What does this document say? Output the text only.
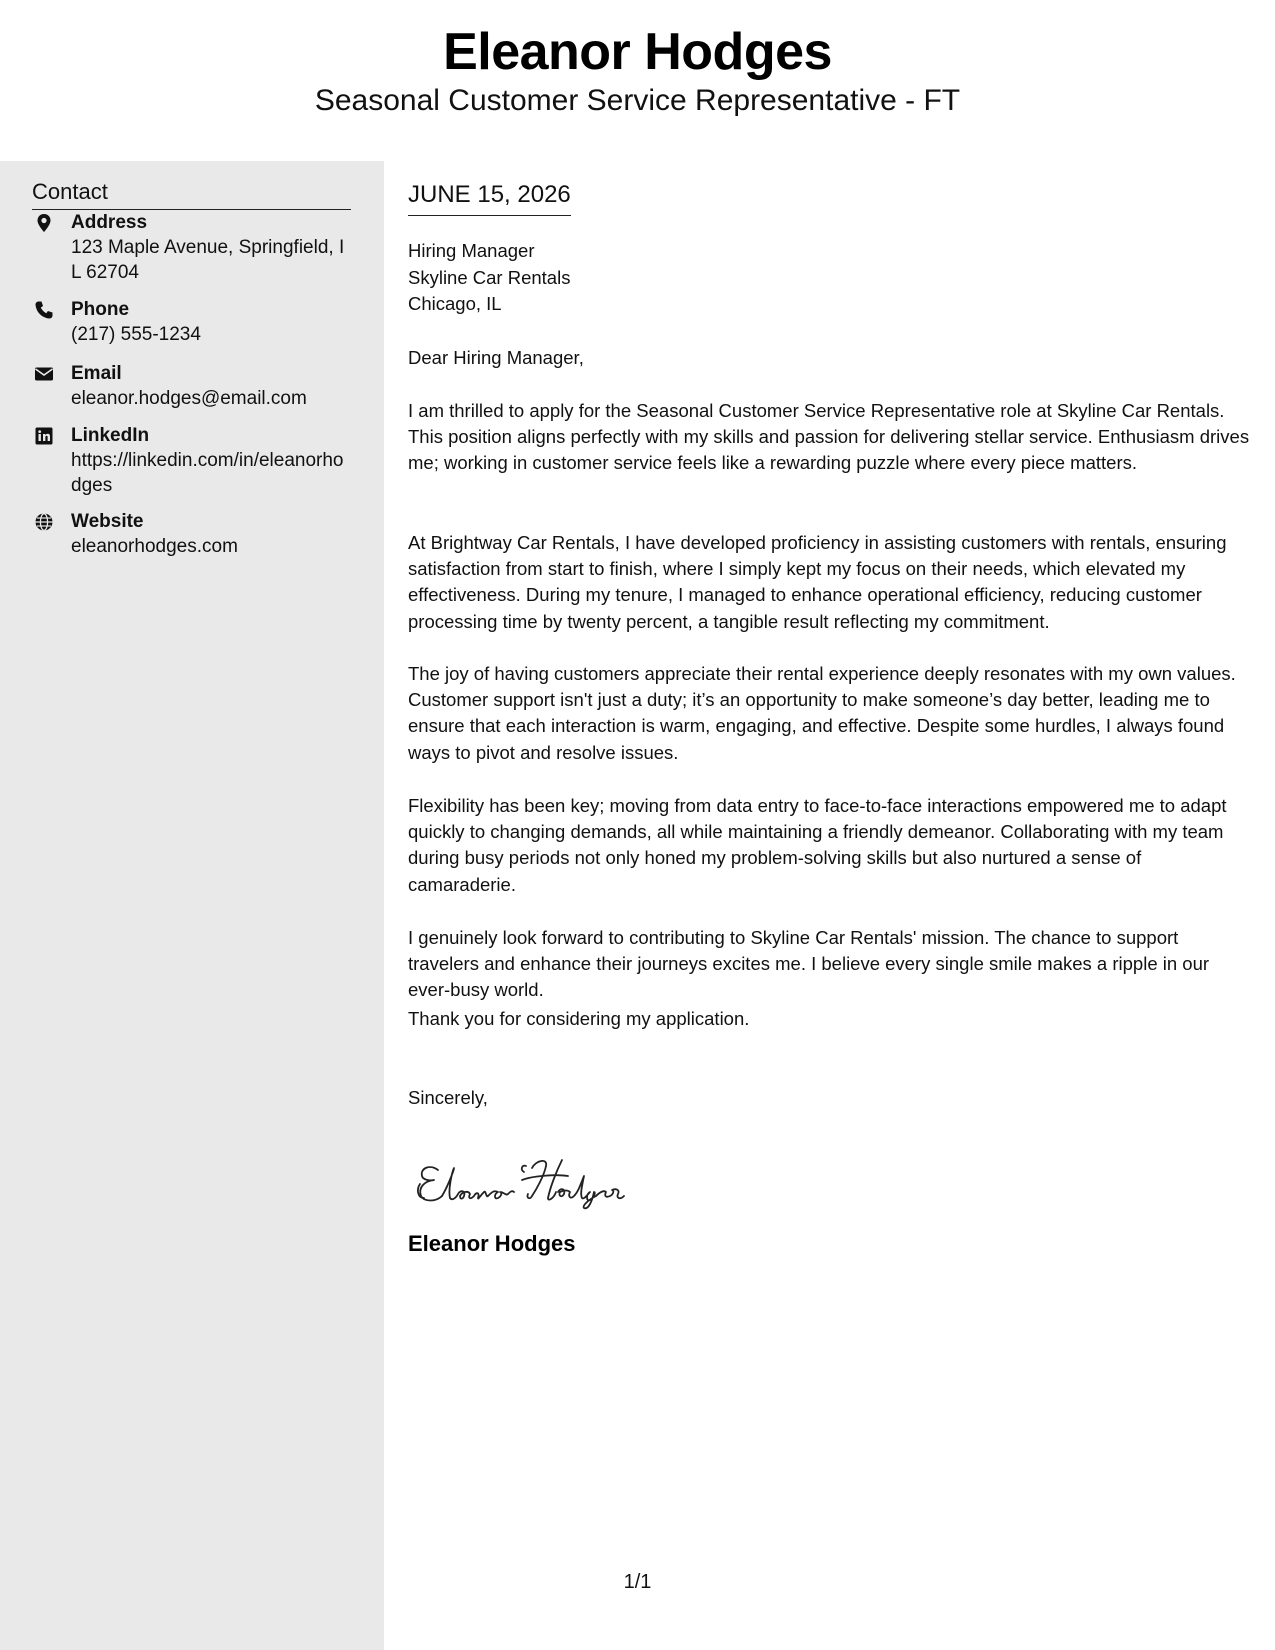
Eleanor Hodges
Seasonal Customer Service Representative - FT
Contact
Address
123 Maple Avenue, Springfield, IL 62704
Phone
(217) 555-1234
Email
eleanor.hodges@email.com
LinkedIn
https://linkedin.com/in/eleanorhodges
Website
eleanorhodges.com
JUNE 15, 2026
Hiring Manager
Skyline Car Rentals
Chicago, IL
Dear Hiring Manager,

I am thrilled to apply for the Seasonal Customer Service Representative role at Skyline Car Rentals. This position aligns perfectly with my skills and passion for delivering stellar service. Enthusiasm drives me; working in customer service feels like a rewarding puzzle where every piece matters.

At Brightway Car Rentals, I have developed proficiency in assisting customers with rentals, ensuring satisfaction from start to finish, where I simply kept my focus on their needs, which elevated my effectiveness. During my tenure, I managed to enhance operational efficiency, reducing customer processing time by twenty percent, a tangible result reflecting my commitment.

The joy of having customers appreciate their rental experience deeply resonates with my own values. Customer support isn't just a duty; it’s an opportunity to make someone’s day better, leading me to ensure that each interaction is warm, engaging, and effective. Despite some hurdles, I always found ways to pivot and resolve issues.

Flexibility has been key; moving from data entry to face-to-face interactions empowered me to adapt quickly to changing demands, all while maintaining a friendly demeanor. Collaborating with my team during busy periods not only honed my problem-solving skills but also nurtured a sense of camaraderie.

I genuinely look forward to contributing to Skyline Car Rentals' mission. The chance to support travelers and enhance their journeys excites me. I believe every single smile makes a ripple in our ever-busy world.

Thank you for considering my application.

Sincerely,
Eleanor Hodges
1/1
